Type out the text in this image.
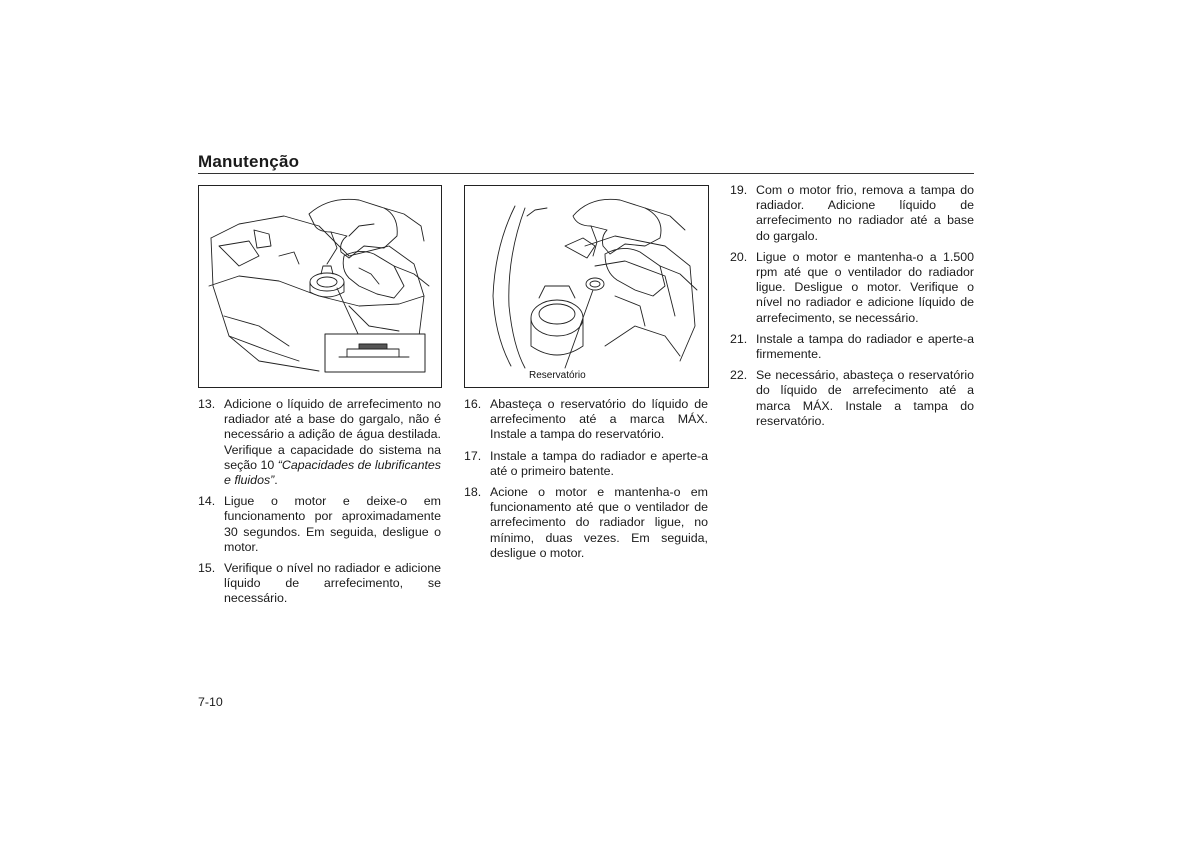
Manutenção
Reservatório
13. Adicione o líquido de arrefecimento no radiador até a base do gargalo, não é necessário a adição de água destilada. Verifique a capacidade do sistema na seção 10 “Capacidades de lubrificantes e fluidos”.
14. Ligue o motor e deixe-o em funcionamento por aproximadamente 30 segundos. Em seguida, desligue o motor.
15. Verifique o nível no radiador e adicione líquido de arrefecimento, se necessário.
16. Abasteça o reservatório do líquido de arrefecimento até a marca MÁX. Instale a tampa do reservatório.
17. Instale a tampa do radiador e aperte-a até o primeiro batente.
18. Acione o motor e mantenha-o em funcionamento até que o ventilador de arrefecimento do radiador ligue, no mínimo, duas vezes. Em seguida, desligue o motor.
19. Com o motor frio, remova a tampa do radiador. Adicione líquido de arrefecimento no radiador até a base do gargalo.
20. Ligue o motor e mantenha-o a 1.500 rpm até que o ventilador do radiador ligue. Desligue o motor. Verifique o nível no radiador e adicione líquido de arrefecimento, se necessário.
21. Instale a tampa do radiador e aperte-a firmemente.
22. Se necessário, abasteça o reservatório do líquido de arrefecimento até a marca MÁX. Instale a tampa do reservatório.
7-10
